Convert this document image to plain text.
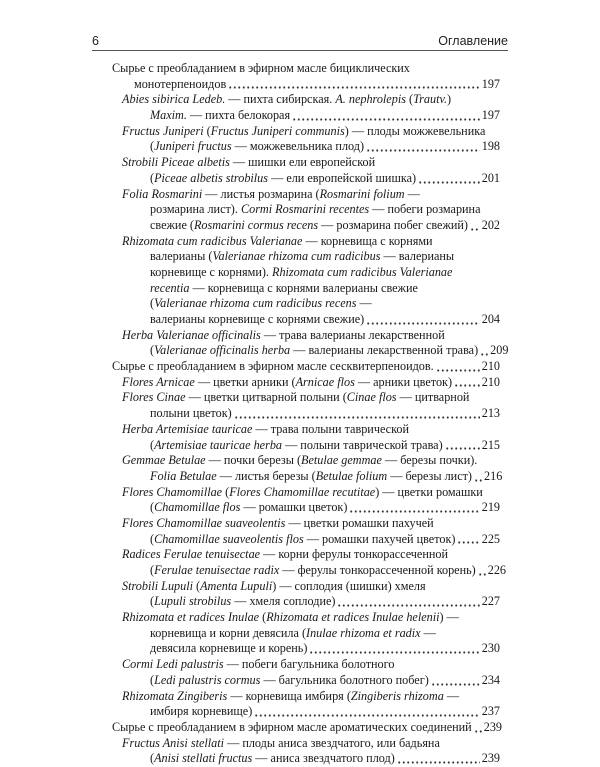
6	Оглавление
Сырье с преобладанием в эфирном масле бициклических
монотерпеноидов	197
Abies sibirica Ledeb. — пихта сибирская. A. nephrolepis (Trautv.)
Maxim. — пихта белокорая	197
Fructus Juniperi (Fructus Juniperi communis) — плоды можжевельника
(Juniperi fructus — можжевельника плод)	198
Strobili Piceae albetis — шишки ели европейской
(Piceae albetis strobilus — ели европейской шишка)	201
Folia Rosmarini — листья розмарина (Rosmarini folium —
розмарина лист). Cormi Rosmarini recentes — побеги розмарина
свежие (Rosmarini cormus recens — розмарина побег свежий) 202
Rhizomata cum radicibus Valerianae — корневища с корнями
валерианы (Valerianae rhizoma cum radicibus — валерианы
корневище с корнями). Rhizomata cum radicibus Valerianae
recentia — корневища с корнями валерианы свежие
(Valerianae rhizoma cum radicibus recens —
валерианы корневище с корнями свежие)	204
Herba Valerianae officinalis — трава валерианы лекарственной
(Valerianae officinalis herba — валерианы лекарственной трава) 209
Сырье с преобладанием в эфирном масле сесквитерпеноидов.	210
Flores Arnicae — цветки арники (Arnicae flos — арники цветок) 210
Flores Cinae — цветки цитварной полыни (Cinae flos — цитварной
полыни цветок)	213
Herba Artemisiae tauricae — трава полыни таврической
(Artemisiae tauricae herba — полыни таврической трава)	215
Gemmae Betulae — почки березы (Betulae gemmae — березы почки).
Folia Betulae — листья березы (Betulae folium — березы лист) 216
Flores Chamomillae (Flores Chamomillae recutitae) — цветки ромашки
(Chamomillae flos — ромашки цветок)	219
Flores Chamomillae suaveolentis — цветки ромашки пахучей
(Chamomillae suaveolentis flos — ромашки пахучей цветок) 225
Radices Ferulae tenuisectae — корни ферулы тонкорассеченной
(Ferulae tenuisectae radix — ферулы тонкорассеченной корень) 226
Strobili Lupuli (Amenta Lupuli) — соплодия (шишки) хмеля
(Lupuli strobilus — хмеля соплодие)	227
Rhizomata et radices Inulae (Rhizomata et radices Inulae helenii) —
корневища и корни девясила (Inulae rhizoma et radix —
девясила корневище и корень)	230
Cormi Ledi palustris — побеги багульника болотного
(Ledi palustris cormus — багульника болотного побег)	234
Rhizomata Zingiberis — корневища имбиря (Zingiberis rhizoma —
имбиря корневище)	237
Сырье с преобладанием в эфирном масле ароматических соединений 239
Fructus Anisi stellati — плоды аниса звездчатого, или бадьяна
(Anisi stellati fructus — аниса звездчатого плод)	239
